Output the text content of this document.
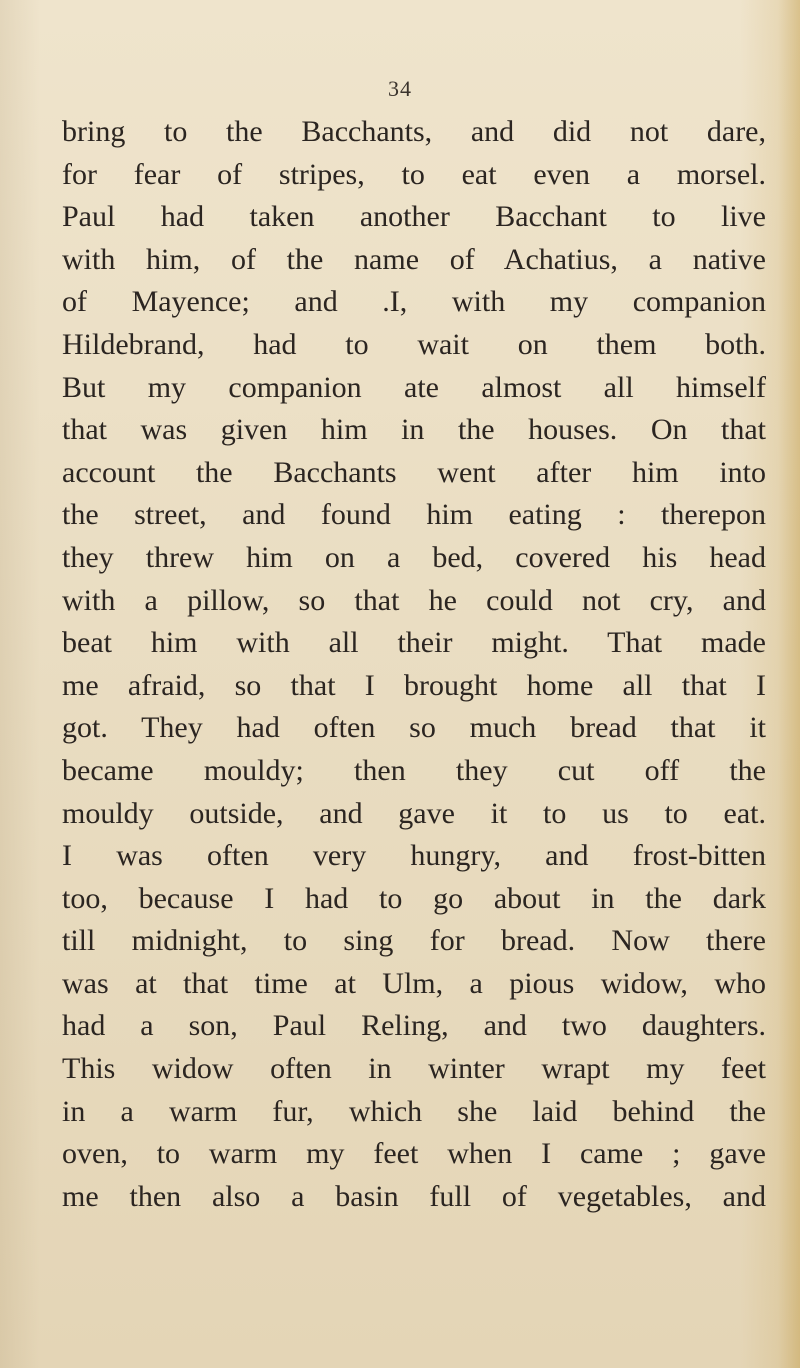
34
bring to the Bacchants, and did not dare,
for fear of stripes, to eat even a morsel.
Paul had taken another Bacchant to live
with him, of the name of Achatius, a native
of Mayence; and .I, with my companion
Hildebrand, had to wait on them both.
But my companion ate almost all himself
that was given him in the houses. On that
account the Bacchants went after him into
the street, and found him eating : therepon
they threw him on a bed, covered his head
with a pillow, so that he could not cry, and
beat him with all their might. That made
me afraid, so that I brought home all that I
got. They had often so much bread that it
became mouldy; then they cut off the
mouldy outside, and gave it to us to eat.
I was often very hungry, and frost-bitten
too, because I had to go about in the dark
till midnight, to sing for bread. Now there
was at that time at Ulm, a pious widow, who
had a son, Paul Reling, and two daughters.
This widow often in winter wrapt my feet
in a warm fur, which she laid behind the
oven, to warm my feet when I came ; gave
me then also a basin full of vegetables, and
